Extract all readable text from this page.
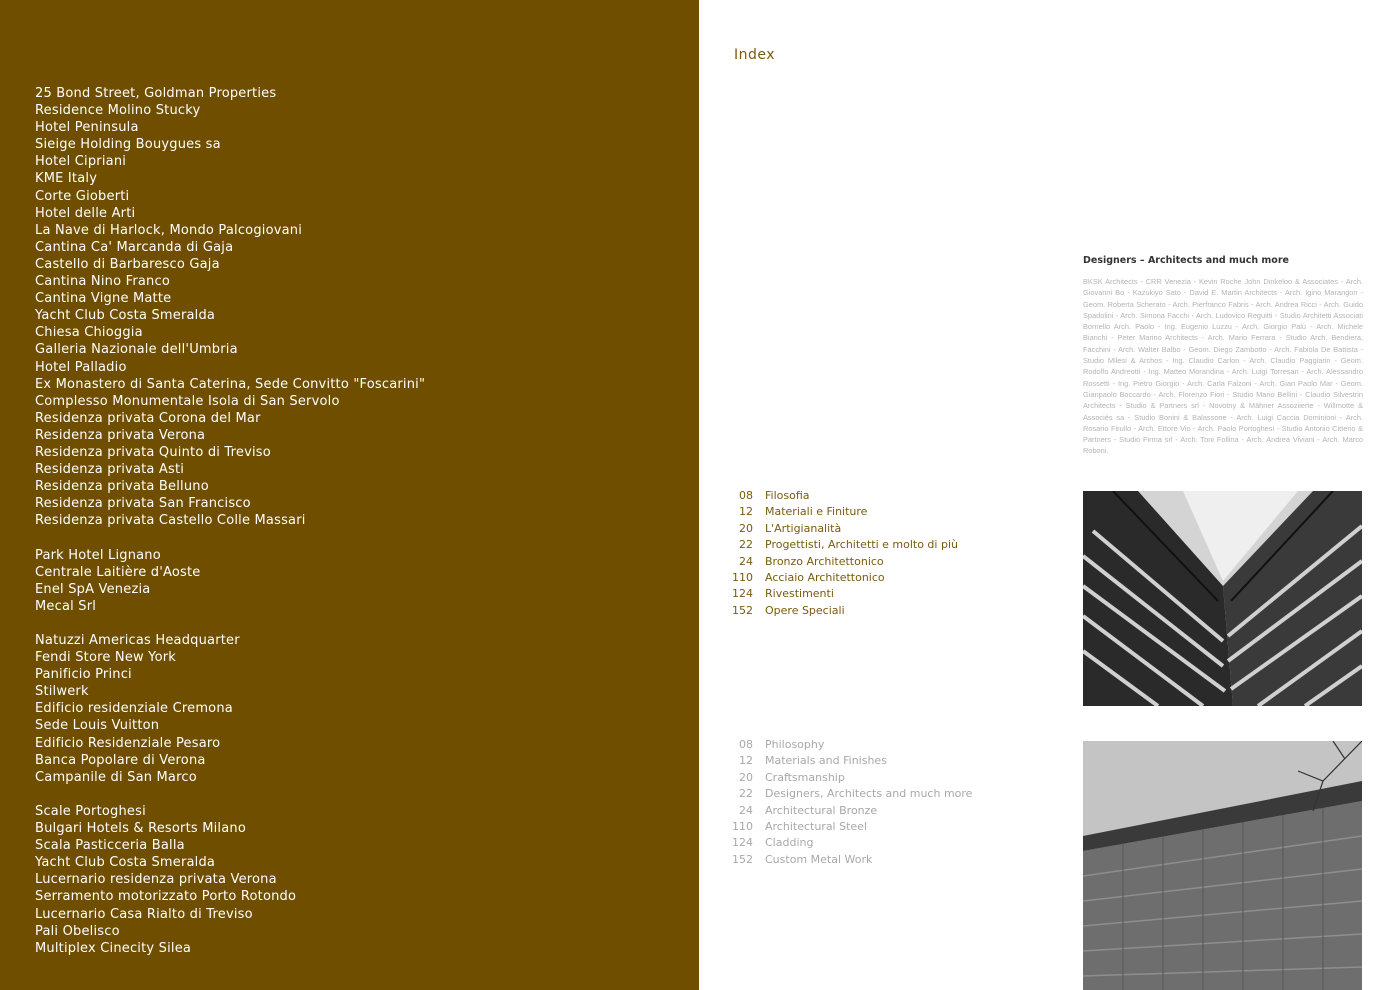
25 Bond Street, Goldman Properties
Residence Molino Stucky
Hotel Peninsula
Sieige Holding Bouygues sa
Hotel Cipriani
KME Italy
Corte Gioberti
Hotel delle Arti
La Nave di Harlock, Mondo Palcogiovani
Cantina Ca' Marcanda di Gaja
Castello di Barbaresco Gaja
Cantina Nino Franco
Cantina Vigne Matte
Yacht Club Costa Smeralda
Chiesa Chioggia
Galleria Nazionale dell'Umbria
Hotel Palladio
Ex Monastero di Santa Caterina, Sede Convitto "Foscarini"
Complesso Monumentale Isola di San Servolo
Residenza privata Corona del Mar
Residenza privata Verona
Residenza privata Quinto di Treviso
Residenza privata Asti
Residenza privata Belluno
Residenza privata San Francisco
Residenza privata Castello Colle Massari
Park Hotel Lignano
Centrale Laitière d'Aoste
Enel SpA Venezia
Mecal Srl
Natuzzi Americas Headquarter
Fendi Store New York
Panificio Princi
Stilwerk
Edificio residenziale Cremona
Sede Louis Vuitton
Edificio Residenziale Pesaro
Banca Popolare di Verona
Campanile di San Marco
Scale Portoghesi
Bulgari Hotels & Resorts Milano
Scala Pasticceria Balla
Yacht Club Costa Smeralda
Lucernario residenza privata Verona
Serramento motorizzato Porto Rotondo
Lucernario Casa Rialto di Treviso
Pali Obelisco
Multiplex Cinecity Silea
Index
Designers – Architects and much more
BKSK Architects - CRR Venezia - Kevin Roche John Dinkeloo & Associates - Arch. Giovanni Bo - Kazukiyo Sato - David E. Martin Architects - Arch. Igino Marangon - Geom. Roberta Scherato - Arch. Pierfranco Fabris - Arch. Andrea Ricci - Arch. Guido Spadolini - Arch. Simona Facchi - Arch. Ludovico Reguitti - Studio Architetti Associati Bornello Arch. Paolo - Ing. Eugenio Luzzu - Arch. Giorgio Palù - Arch. Michele Bianchi - Peter Marino Architects - Arch. Mario Ferrara - Studio Arch. Bendiera, Facchini - Arch. Walter Balbo - Geom. Diego Zambotto - Arch. Fabiola De Battista - Studio Milesi & Archos - Ing. Claudio Carlon - Arch. Claudio Paggiarin - Geom. Rodolfo Andreotti - Ing. Matteo Morandina - Arch. Luigi Torresan - Arch. Alessandro Rossetti - Ing. Pietro Giorgio - Arch. Carla Falzoni - Arch. Gian Paolo Mar - Geom. Gianpaolo Boccardo - Arch. Florenzo Fiori - Studio Mario Bellini - Claudio Silvestrin Architects - Studio & Partners srl - Novotny & Mähner Assoziierte - Willmotte & Associés sa - Studio Bonini & Balassone - Arch. Luigi Caccia Dominioni - Arch. Rosario Firullo - Arch. Ettore Vio - Arch. Paolo Portoghesi - Studio Antonio Citterio & Partners - Studio Firma srl - Arch. Toni Follina - Arch. Andrea Viviani - Arch. Marco Roboni.
08 Filosofia
12 Materiali e Finiture
20 L'Artigianalità
22 Progettisti, Architetti e molto di più
24 Bronzo Architettonico
110 Acciaio Architettonico
124 Rivestimenti
152 Opere Speciali
08 Philosophy
12 Materials and Finishes
20 Craftsmanship
22 Designers, Architects and much more
24 Architectural Bronze
110 Architectural Steel
124 Cladding
152 Custom Metal Work
